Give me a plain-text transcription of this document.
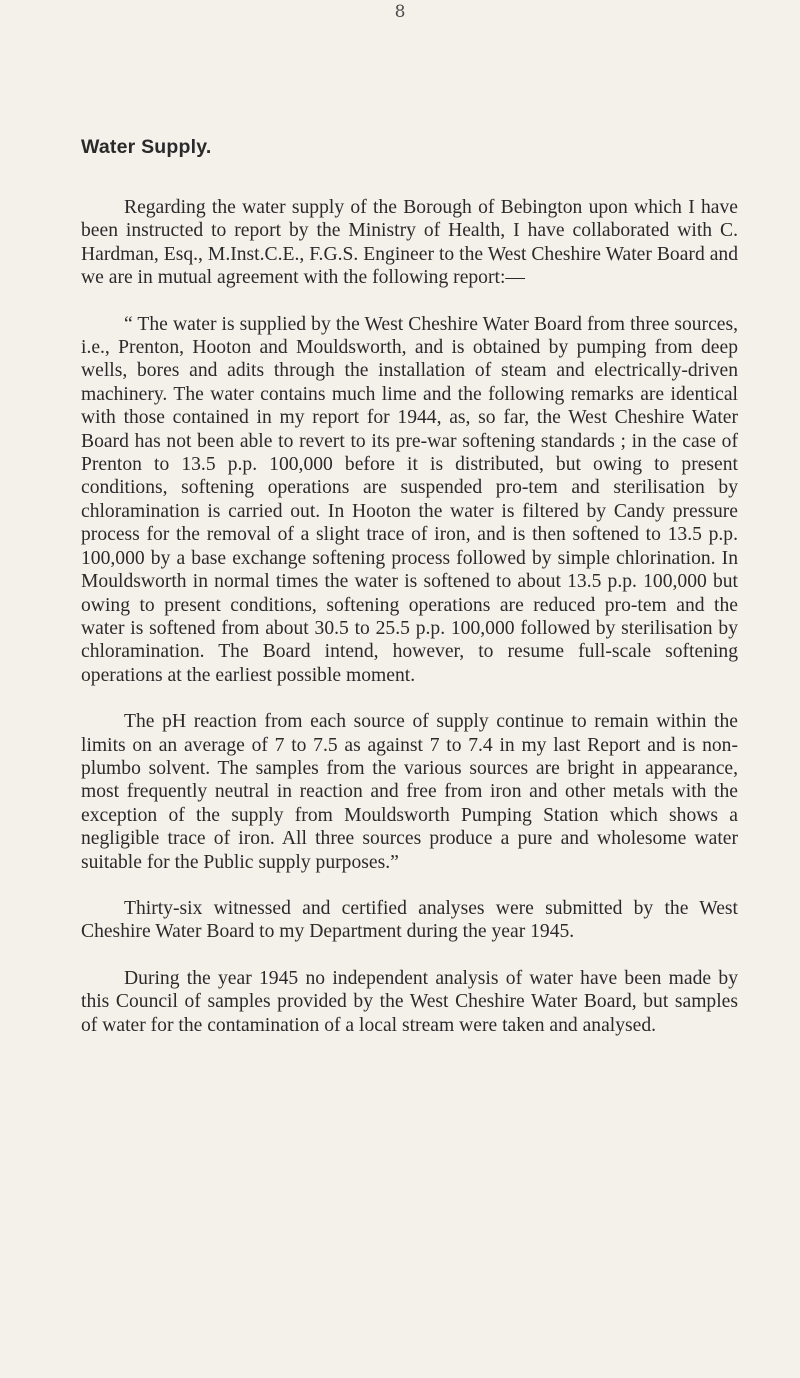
8
Water Supply.

Regarding the water supply of the Borough of Bebington upon which I have been instructed to report by the Ministry of Health, I have collaborated with C. Hardman, Esq., M.Inst.C.E., F.G.S. Engineer to the West Cheshire Water Board and we are in mutual agreement with the following report:—

“ The water is supplied by the West Cheshire Water Board from three sources, i.e., Prenton, Hooton and Mouldsworth, and is obtained by pumping from deep wells, bores and adits through the installation of steam and electrically-driven machinery. The water contains much lime and the following remarks are identical with those contained in my report for 1944, as, so far, the West Cheshire Water Board has not been able to revert to its pre-war softening standards ; in the case of Prenton to 13.5 p.p. 100,000 before it is distributed, but owing to present conditions, softening operations are suspended pro-tem and sterilisation by chloramination is carried out. In Hooton the water is filtered by Candy pressure process for the removal of a slight trace of iron, and is then softened to 13.5 p.p. 100,000 by a base exchange softening process followed by simple chlorination. In Mouldsworth in normal times the water is softened to about 13.5 p.p. 100,000 but owing to present conditions, softening operations are reduced pro-tem and the water is softened from about 30.5 to 25.5 p.p. 100,000 followed by sterilisation by chloramination. The Board intend, however, to resume full-scale softening operations at the earliest possible moment.

The pH reaction from each source of supply continue to remain within the limits on an average of 7 to 7.5 as against 7 to 7.4 in my last Report and is non-plumbo solvent. The samples from the various sources are bright in appearance, most frequently neutral in reaction and free from iron and other metals with the exception of the supply from Mouldsworth Pumping Station which shows a negligible trace of iron. All three sources produce a pure and wholesome water suitable for the Public supply purposes.”

Thirty-six witnessed and certified analyses were submitted by the West Cheshire Water Board to my Department during the year 1945.

During the year 1945 no independent analysis of water have been made by this Council of samples provided by the West Cheshire Water Board, but samples of water for the contamination of a local stream were taken and analysed.
